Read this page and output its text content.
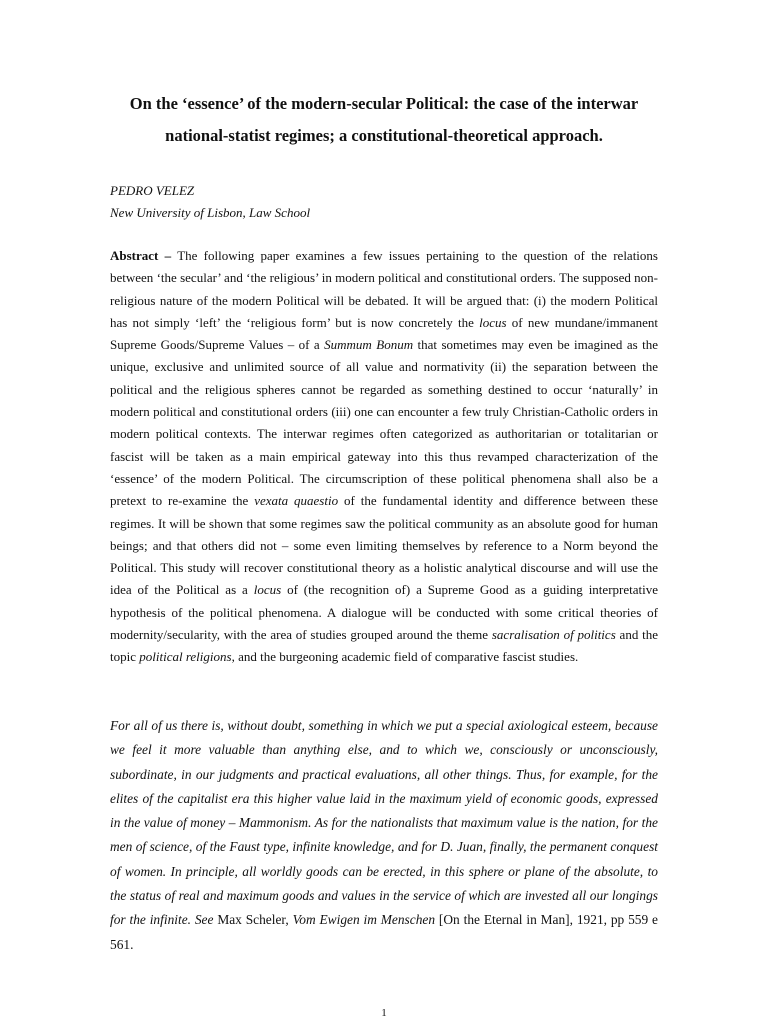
On the ‘essence’ of the modern-secular Political: the case of the interwar national-statist regimes; a constitutional-theoretical approach.
PEDRO VELEZ
New University of Lisbon, Law School
Abstract – The following paper examines a few issues pertaining to the question of the relations between ‘the secular’ and ‘the religious’ in modern political and constitutional orders. The supposed non-religious nature of the modern Political will be debated. It will be argued that: (i) the modern Political has not simply ‘left’ the ‘religious form’ but is now concretely the locus of new mundane/immanent Supreme Goods/Supreme Values – of a Summum Bonum that sometimes may even be imagined as the unique, exclusive and unlimited source of all value and normativity (ii) the separation between the political and the religious spheres cannot be regarded as something destined to occur ‘naturally’ in modern political and constitutional orders (iii) one can encounter a few truly Christian-Catholic orders in modern political contexts. The interwar regimes often categorized as authoritarian or totalitarian or fascist will be taken as a main empirical gateway into this thus revamped characterization of the ‘essence’ of the modern Political. The circumscription of these political phenomena shall also be a pretext to re-examine the vexata quaestio of the fundamental identity and difference between these regimes. It will be shown that some regimes saw the political community as an absolute good for human beings; and that others did not – some even limiting themselves by reference to a Norm beyond the Political. This study will recover constitutional theory as a holistic analytical discourse and will use the idea of the Political as a locus of (the recognition of) a Supreme Good as a guiding interpretative hypothesis of the political phenomena. A dialogue will be conducted with some critical theories of modernity/secularity, with the area of studies grouped around the theme sacralisation of politics and the topic political religions, and the burgeoning academic field of comparative fascist studies.
For all of us there is, without doubt, something in which we put a special axiological esteem, because we feel it more valuable than anything else, and to which we, consciously or unconsciously, subordinate, in our judgments and practical evaluations, all other things. Thus, for example, for the elites of the capitalist era this higher value laid in the maximum yield of economic goods, expressed in the value of money – Mammonism. As for the nationalists that maximum value is the nation, for the men of science, of the Faust type, infinite knowledge, and for D. Juan, finally, the permanent conquest of women. In principle, all worldly goods can be erected, in this sphere or plane of the absolute, to the status of real and maximum goods and values in the service of which are invested all our longings for the infinite. See Max Scheler, Vom Ewigen im Menschen [On the Eternal in Man], 1921, pp 559 e 561.
1
